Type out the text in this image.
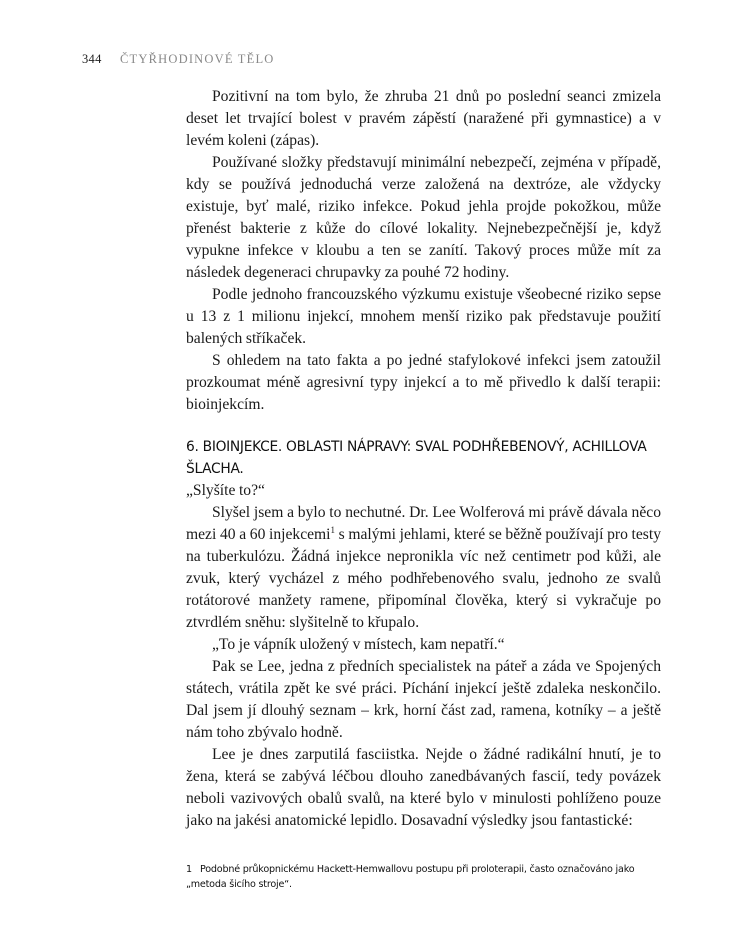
344 ČTYŘHODINOVÉ TĚLO

Pozitivní na tom bylo, že zhruba 21 dnů po poslední seanci zmizela deset let trvající bolest v pravém zápěstí (naražené při gymnastice) a v levém koleni (zápas).

Používané složky představují minimální nebezpečí, zejména v případě, kdy se používá jednoduchá verze založená na dextróze, ale vždycky existuje, byť malé, riziko infekce. Pokud jehla projde pokožkou, může přenést bakterie z kůže do cílové lokality. Nejnebezpečnější je, když vypukne infekce v kloubu a ten se zanítí. Takový proces může mít za následek degeneraci chrupavky za pouhé 72 hodiny.

Podle jednoho francouzského výzkumu existuje všeobecné riziko sepse u 13 z 1 milionu injekcí, mnohem menší riziko pak představuje použití balených stříkaček.

S ohledem na tato fakta a po jedné stafylokové infekci jsem zatoužil prozkoumat méně agresivní typy injekcí a to mě přivedlo k další terapii: bioinjekcím.

6. BIOINJEKCE. OBLASTI NÁPRAVY: SVAL PODHŘEBENOVÝ, ACHILLOVA ŠLACHA.

„Slyšíte to?“

Slyšel jsem a bylo to nechutné. Dr. Lee Wolferová mi právě dávala něco mezi 40 a 60 injekcemi$^1$ s malými jehlami, které se běžně používají pro testy na tuberkulózu. Žádná injekce nepronikla víc než centimetr pod kůži, ale zvuk, který vycházel z mého podhřebenového svalu, jednoho ze svalů rotátorové manžety ramene, připomínal člověka, který si vykračuje po ztvrdlém sněhu: slyšitelně to křupalo.

„To je vápník uložený v místech, kam nepatří.“

Pak se Lee, jedna z předních specialistek na páteř a záda ve Spojených státech, vrátila zpět ke své práci. Píchání injekcí ještě zdaleka neskončilo. Dal jsem jí dlouhý seznam – krk, horní část zad, ramena, kotníky – a ještě nám toho zbývalo hodně.

Lee je dnes zarputilá fasciistka. Nejde o žádné radikální hnutí, je to žena, která se zabývá léčbou dlouho zanedbávaných fascií, tedy povázek neboli vazivových obalů svalů, na které bylo v minulosti pohlíženo pouze jako na jakési anatomické lepidlo. Dosavadní výsledky jsou fantastické:

1 Podobné průkopnickému Hackett-Hemwallovu postupu při proloterapii, často označováno jako „metoda šicího stroje“.
